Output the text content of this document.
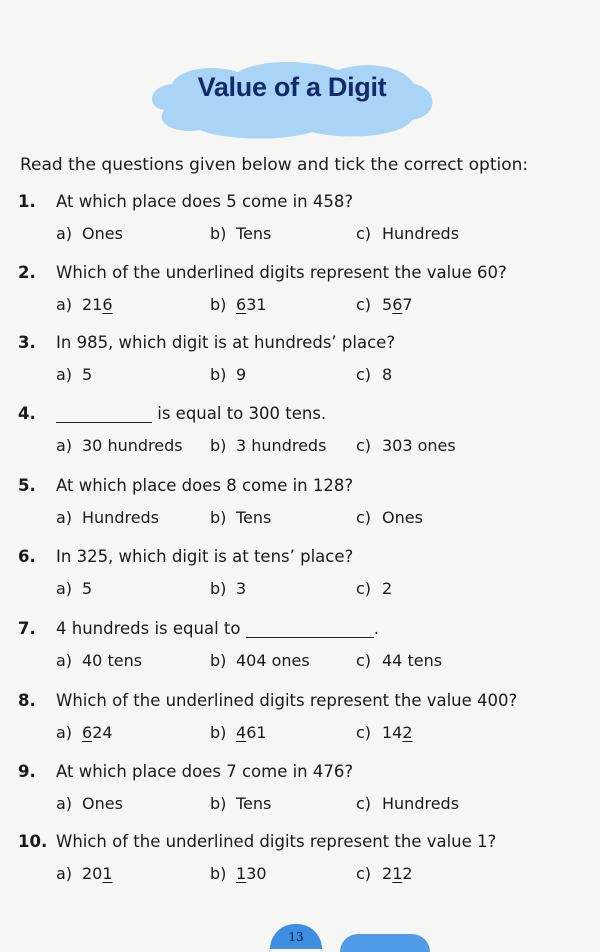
Value of a Digit
Read the questions given below and tick the correct option:
1.	At which place does 5 come in 458?
a) Ones	b) Tens	c) Hundreds
2.	Which of the underlined digits represent the value 60?
a) 216	b) 631	c) 567
3.	In 985, which digit is at hundreds’ place?
a) 5	b) 9	c) 8
4.	is equal to 300 tens.
a) 30 hundreds b) 3 hundreds c) 303 ones
5.	At which place does 8 come in 128?
a) Hundreds	b) Tens	c) Ones
6.	In 325, which digit is at tens’ place?
a) 5	b) 3	c) 2
7.	4 hundreds is equal to	.
a) 40 tens	b) 404 ones	c) 44 tens
8.	Which of the underlined digits represent the value 400?
a) 624	b) 461	c) 142
9.	At which place does 7 come in 476?
a) Ones	b) Tens	c) Hundreds
10. Which of the underlined digits represent the value 1?
a) 201	b) 130	c) 212
13
